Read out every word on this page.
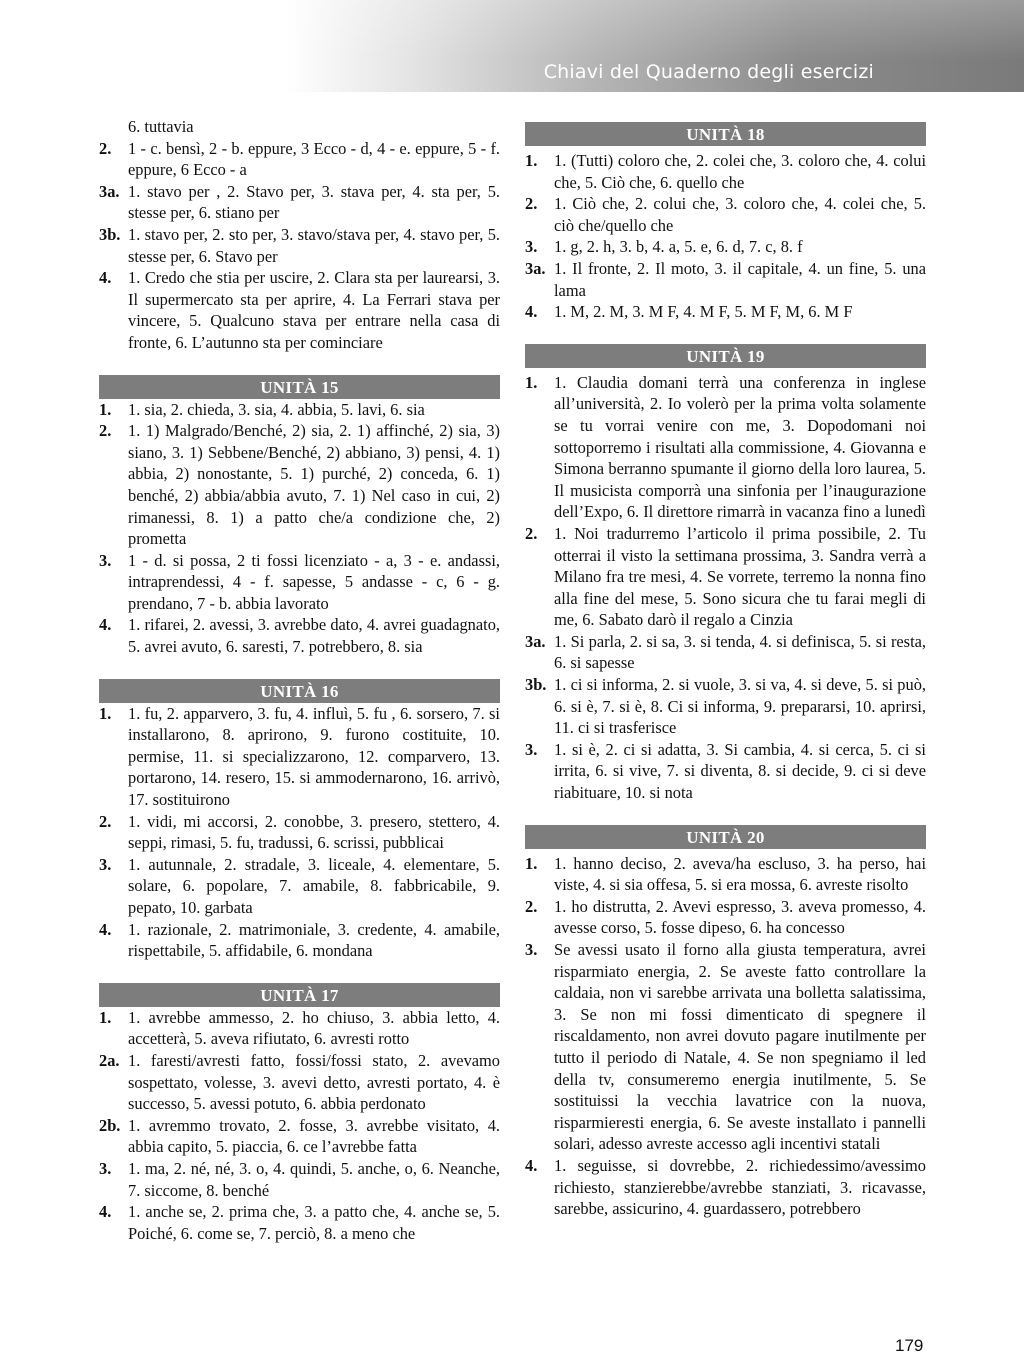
Chiavi del Quaderno degli esercizi
6. tuttavia
2.	1 - c. bensì, 2 - b. eppure, 3 Ecco - d, 4 - e. eppure, 5 - f. eppure, 6 Ecco - a
3a. 1. stavo per , 2. Stavo per, 3. stava per, 4. sta per, 5. stesse per, 6. stiano per
3b. 1. stavo per, 2. sto per, 3. stavo/stava per, 4. stavo per, 5. stesse per, 6. Stavo per
4.	1. Credo che stia per uscire, 2. Clara sta per laurearsi, 3. Il supermercato sta per aprire, 4. La Ferrari stava per vincere, 5. Qualcuno stava per entrare nella casa di fronte, 6. L’autunno sta per cominciare
UNITÀ 15
1.	1. sia, 2. chieda, 3. sia, 4. abbia, 5. lavi, 6. sia
2.	1. 1) Malgrado/Benché, 2) sia, 2. 1) affinché, 2) sia, 3) siano, 3. 1) Sebbene/Benché, 2) abbiano, 3) pensi, 4. 1) abbia, 2) nonostante, 5. 1) purché, 2) conceda, 6. 1) benché, 2) abbia/abbia avuto, 7. 1) Nel caso in cui, 2) rimanessi, 8. 1) a patto che/a condizione che, 2) prometta
3.	1 - d. si possa, 2 ti fossi licenziato - a, 3 - e. andassi, intraprendessi, 4 - f. sapesse, 5 andasse - c, 6 - g. prendano, 7 - b. abbia lavorato
4.	1. rifarei, 2. avessi, 3. avrebbe dato, 4. avrei guadagnato, 5. avrei avuto, 6. saresti, 7. potrebbero, 8. sia
UNITÀ 16
1.	1. fu, 2. apparvero, 3. fu, 4. influì, 5. fu , 6. sorsero, 7. si installarono, 8. aprirono, 9. furono costituite, 10. permise, 11. si specializzarono, 12. comparvero, 13. portarono, 14. resero, 15. si ammodernarono, 16. arrivò, 17. sostituirono
2.	1. vidi, mi accorsi, 2. conobbe, 3. presero, stettero, 4. seppi, rimasi, 5. fu, tradussi, 6. scrissi, pubblicai
3.	1. autunnale, 2. stradale, 3. liceale, 4. elementare, 5. solare, 6. popolare, 7. amabile, 8. fabbricabile, 9. pepato, 10. garbata
4.	1. razionale, 2. matrimoniale, 3. credente, 4. amabile, rispettabile, 5. affidabile, 6. mondana
UNITÀ 17
1.	1. avrebbe ammesso, 2. ho chiuso, 3. abbia letto, 4. accetterà, 5. aveva rifiutato, 6. avresti rotto
2a. 1. faresti/avresti fatto, fossi/fossi stato, 2. avevamo sospettato, volesse, 3. avevi detto, avresti portato, 4. è successo, 5. avessi potuto, 6. abbia perdonato
2b. 1. avremmo trovato, 2. fosse, 3. avrebbe visitato, 4. abbia capito, 5. piaccia, 6. ce l’avrebbe fatta
3.	1. ma, 2. né, né, 3. o, 4. quindi, 5. anche, o, 6. Neanche, 7. siccome, 8. benché
4.	1. anche se, 2. prima che, 3. a patto che, 4. anche se, 5. Poiché, 6. come se, 7. perciò, 8. a meno che
UNITÀ 18
1.	1. (Tutti) coloro che, 2. colei che, 3. coloro che, 4. colui che, 5. Ciò che, 6. quello che
2.	1. Ciò che, 2. colui che, 3. coloro che, 4. colei che, 5. ciò che/quello che
3.	1. g, 2. h, 3. b, 4. a, 5. e, 6. d, 7. c, 8. f
3a. 1. Il fronte, 2. Il moto, 3. il capitale, 4. un fine, 5. una lama
4.	1. M, 2. M, 3. M F, 4. M F, 5. M F, M, 6. M F
UNITÀ 19
1.	1. Claudia domani terrà una conferenza in inglese all’università, 2. Io volerò per la prima volta solamente se tu vorrai venire con me, 3. Dopodomani noi sottoporremo i risultati alla commissione, 4. Giovanna e Simona berranno spumante il giorno della loro laurea, 5. Il musicista comporrà una sinfonia per l’inaugurazione dell’Expo, 6. Il direttore rimarrà in vacanza fino a lunedì
2.	1. Noi tradurremo l’articolo il prima possibile, 2. Tu otterrai il visto la settimana prossima, 3. Sandra verrà a Milano fra tre mesi, 4. Se vorrete, terremo la nonna fino alla fine del mese, 5. Sono sicura che tu farai megli di me, 6. Sabato darò il regalo a Cinzia
3a. 1. Si parla, 2. si sa, 3. si tenda, 4. si definisca, 5. si resta, 6. si sapesse
3b. 1. ci si informa, 2. si vuole, 3. si va, 4. si deve, 5. si può, 6. si è, 7. si è, 8. Ci si informa, 9. prepararsi, 10. aprirsi, 11. ci si trasferisce
3.	1. si è, 2. ci si adatta, 3. Si cambia, 4. si cerca, 5. ci si irrita, 6. si vive, 7. si diventa, 8. si decide, 9. ci si deve riabituare, 10. si nota
UNITÀ 20
1.	1. hanno deciso, 2. aveva/ha escluso, 3. ha perso, hai viste, 4. si sia offesa, 5. si era mossa, 6. avreste risolto
2.	1. ho distrutta, 2. Avevi espresso, 3. aveva promesso, 4. avesse corso, 5. fosse dipeso, 6. ha concesso
3.	Se avessi usato il forno alla giusta temperatura, avrei risparmiato energia, 2. Se aveste fatto controllare la caldaia, non vi sarebbe arrivata una bolletta salatissima, 3. Se non mi fossi dimenticato di spegnere il riscaldamento, non avrei dovuto pagare inutilmente per tutto il periodo di Natale, 4. Se non spegniamo il led della tv, consumeremo energia inutilmente, 5. Se sostituissi la vecchia lavatrice con la nuova, risparmieresti energia, 6. Se aveste installato i pannelli solari, adesso avreste accesso agli incentivi statali
4.	1. seguisse, si dovrebbe, 2. richiedessimo/avessimo richiesto, stanzierebbe/avrebbe stanziati, 3. ricavasse, sarebbe, assicurino, 4. guardassero, potrebbero
179
